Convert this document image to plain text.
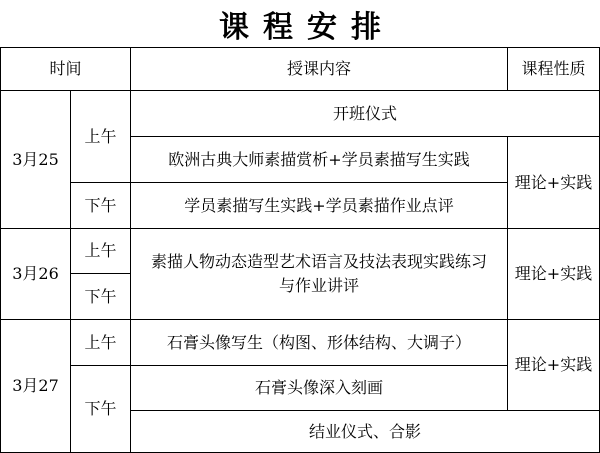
课程安排
时间	授课内容	课程性质
3月25
上午
下午
开班仪式
欧洲古典大师素描赏析+学员素描写生实践
学员素描写生实践+学员素描作业点评
理论+实践
3月26
上午
下午
素描人物动态造型艺术语言及技法表现实践练习与作业讲评
理论+实践
3月27
上午
下午
石膏头像写生（构图、形体结构、大调子）
石膏头像深入刻画
结业仪式、合影
理论+实践
